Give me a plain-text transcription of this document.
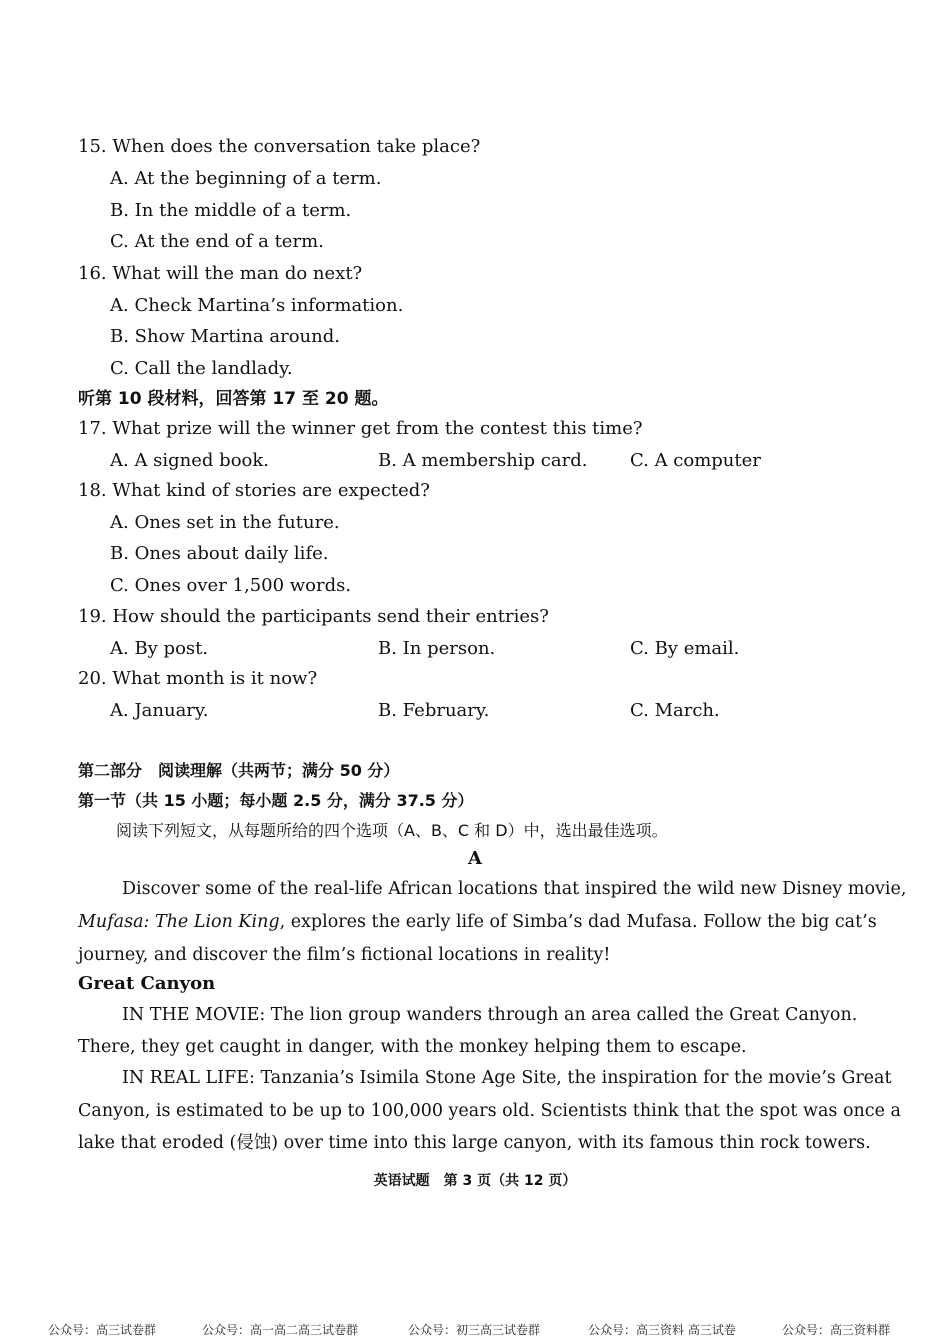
15. When does the conversation take place?
A. At the beginning of a term.
B. In the middle of a term.
C. At the end of a term.
16. What will the man do next?
A. Check Martina’s information.
B. Show Martina around.
C. Call the landlady.
听第 10 段材料，回答第 17 至 20 题。
17. What prize will the winner get from the contest this time?
A. A signed book.	B. A membership card. C. A computer
18. What kind of stories are expected?
A. Ones set in the future.
B. Ones about daily life.
C. Ones over 1,500 words.
19. How should the participants send their entries?
A. By post.	B. In person.	C. By email.
20. What month is it now?
A. January.	B. February.	C. March.
第二部分　阅读理解（共两节；满分 50 分）
第一节（共 15 小题；每小题 2.5 分，满分 37.5 分）
阅读下列短文，从每题所给的四个选项（A、B、C 和 D）中，选出最佳选项。
A
Discover some of the real-life African locations that inspired the wild new Disney movie,
Mufasa: The Lion King, explores the early life of Simba’s dad Mufasa. Follow the big cat’s
journey, and discover the film’s fictional locations in reality!
Great Canyon
IN THE MOVIE: The lion group wanders through an area called the Great Canyon.
There, they get caught in danger, with the monkey helping them to escape.
IN REAL LIFE: Tanzania’s Isimila Stone Age Site, the inspiration for the movie’s Great
Canyon, is estimated to be up to 100,000 years old. Scientists think that the spot was once a
lake that eroded (侵蚀) over time into this large canyon, with its famous thin rock towers.
英语试题　第 3 页（共 12 页）
公众号：高三试卷群	公众号：高一高二高三试卷群	公众号：初三高三试卷群	公众号：高三资料 高三试卷	公众号：高三资料群
